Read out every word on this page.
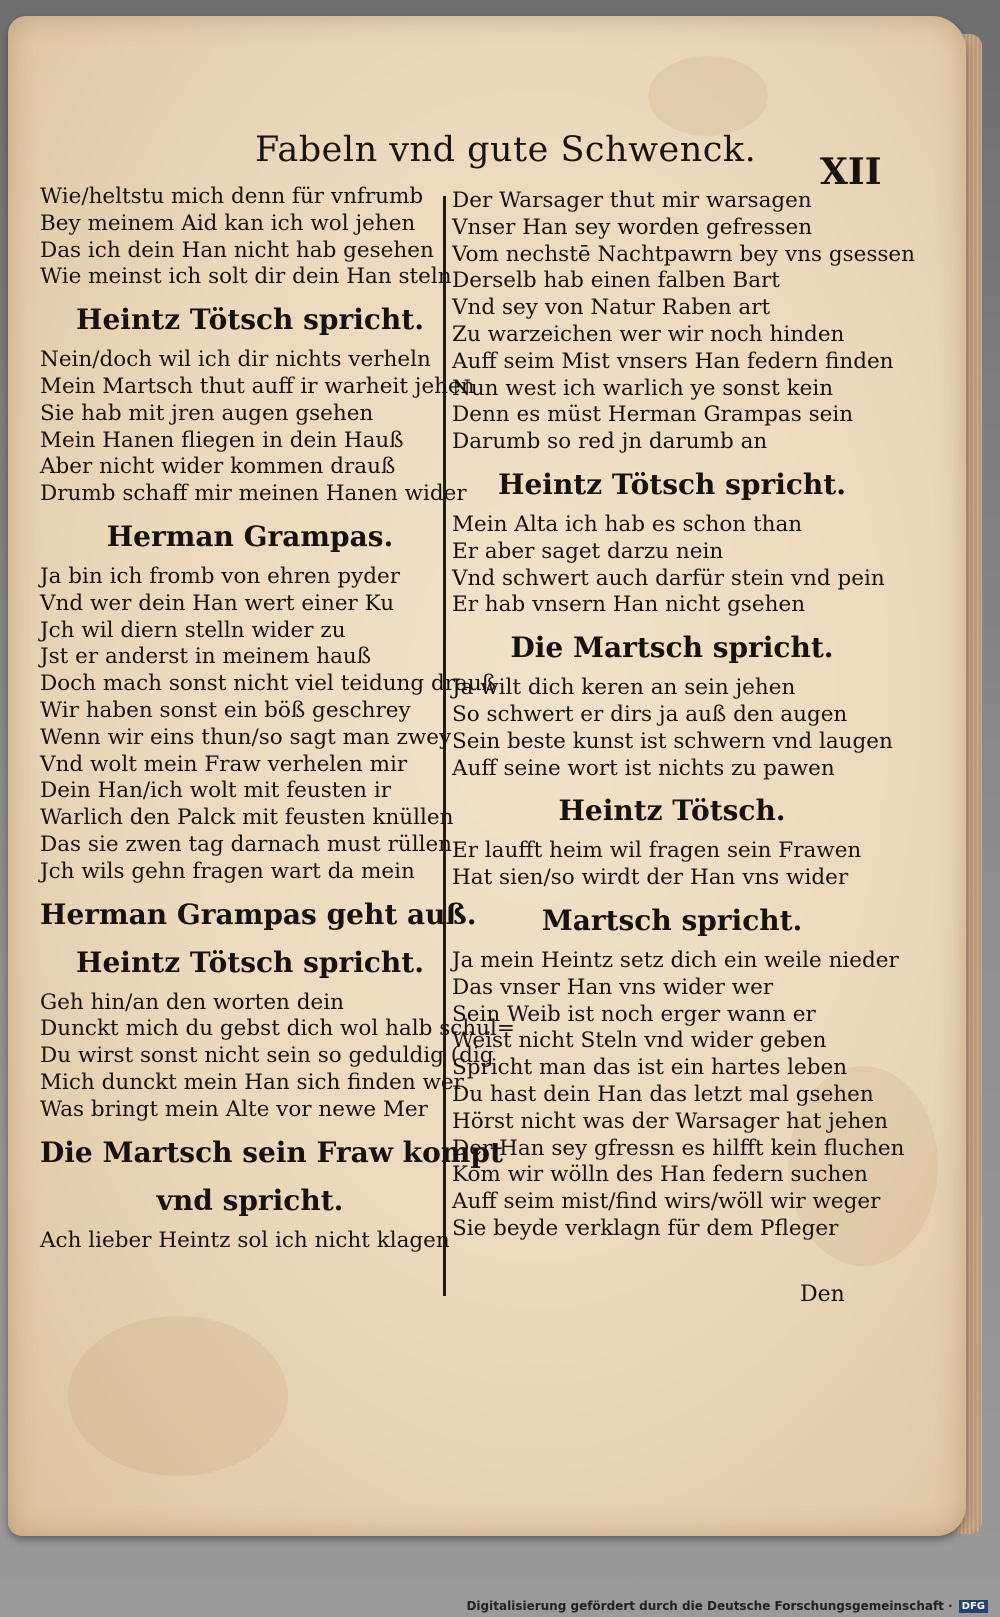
Fabeln vnd gute Schwenck.
XII
Wie/heltstu mich denn für vnfrumb
Bey meinem Aid kan ich wol jehen
Das ich dein Han nicht hab gesehen
Wie meinst ich solt dir dein Han steln
Heintz Tötsch spricht.
Nein/doch wil ich dir nichts verheln
Mein Martsch thut auff ir warheit jehen
Sie hab mit jren augen gsehen
Mein Hanen fliegen in dein Hauß
Aber nicht wider kommen drauß
Drumb schaff mir meinen Hanen wider
Herman Grampas.
Ja bin ich fromb von ehren pyder
Vnd wer dein Han wert einer Ku
Jch wil diern stelln wider zu
Jst er anderst in meinem hauß
Doch mach sonst nicht viel teidung drauß
Wir haben sonst ein böß geschrey
Wenn wir eins thun/so sagt man zwey
Vnd wolt mein Fraw verhelen mir
Dein Han/ich wolt mit feusten ir
Warlich den Palck mit feusten knüllen
Das sie zwen tag darnach must rüllen
Jch wils gehn fragen wart da mein
Herman Grampas geht auß.
Heintz Tötsch spricht.
Geh hin/an den worten dein
Dunckt mich du gebst dich wol halb schul=
Du wirst sonst nicht sein so geduldig (dig
Mich dunckt mein Han sich finden wer
Was bringt mein Alte vor newe Mer
Die Martsch sein Fraw kompt
vnd spricht.
Ach lieber Heintz sol ich nicht klagen
Der Warsager thut mir warsagen
Vnser Han sey worden gefressen
Vom nechstē Nachtpawrn bey vns gsessen
Derselb hab einen falben Bart
Vnd sey von Natur Raben art
Zu warzeichen wer wir noch hinden
Auff seim Mist vnsers Han federn finden
Nun west ich warlich ye sonst kein
Denn es müst Herman Grampas sein
Darumb so red jn darumb an
Heintz Tötsch spricht.
Mein Alta ich hab es schon than
Er aber saget darzu nein
Vnd schwert auch darfür stein vnd pein
Er hab vnsern Han nicht gsehen
Die Martsch spricht.
Ja wilt dich keren an sein jehen
So schwert er dirs ja auß den augen
Sein beste kunst ist schwern vnd laugen
Auff seine wort ist nichts zu pawen
Heintz Tötsch.
Er laufft heim wil fragen sein Frawen
Hat sien/so wirdt der Han vns wider
Martsch spricht.
Ja mein Heintz setz dich ein weile nieder
Das vnser Han vns wider wer
Sein Weib ist noch erger wann er
Weist nicht Steln vnd wider geben
Spricht man das ist ein hartes leben
Du hast dein Han das letzt mal gsehen
Hörst nicht was der Warsager hat jehen
Der Han sey gfressn es hilfft kein fluchen
Kom wir wölln des Han federn suchen
Auff seim mist/find wirs/wöll wir weger
Sie beyde verklagn für dem Pfleger
Den
Digitalisierung gefördert durch die Deutsche Forschungsgemeinschaft · DFG
